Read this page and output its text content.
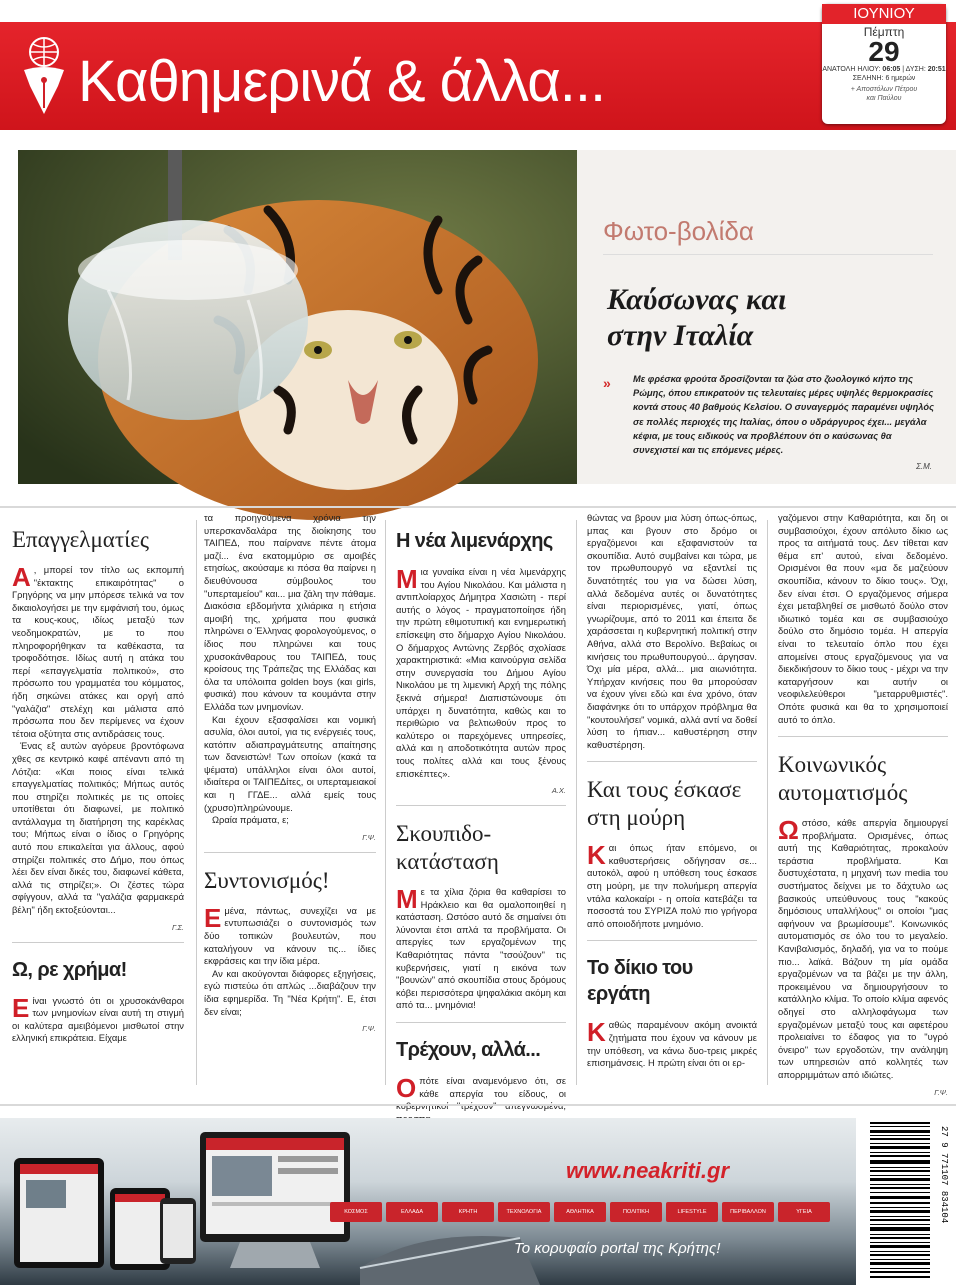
Καθημερινά & άλλα...
ΙΟΥΝΙΟΥ
Πέμπτη
29
ΑΝΑΤΟΛΗ ΗΛΙΟΥ: 06:05 | ΔΥΣΗ: 20:51
ΣΕΛΗΝΗ: 6 ημερών
+ Αποστόλων Πέτρου
και Παύλου
Φωτο-βολίδα
Καύσωνας και
στην Ιταλία
» Με φρέσκα φρούτα δροσίζονται τα ζώα στο ζωολογικό κήπο της Ρώμης, όπου επικρατούν τις τελευταίες μέρες υψηλές θερμοκρασίες κοντά στους 40 βαθμούς Κελσίου. Ο συναγερμός παραμένει υψηλός σε πολλές περιοχές της Ιταλίας, όπου ο υδράργυρος έχει... μεγάλα κέφια, με τους ειδικούς να προβλέπουν ότι ο καύσωνας θα συνεχιστεί και τις επόμενες μέρες.
Σ.Μ.
Επαγγελματίες

Α , μπορεί τον τίτλο ως εκπομπή "έκτακτης επικαιρότητας" ο Γρηγόρης να μην μπόρεσε τελικά να τον δικαιολογήσει με την εμφάνισή του, όμως τα κους-κους, ιδίως μεταξύ των νεοδημοκρατών, με το που πληροφορήθηκαν τα καθέκαστα, τα τροφοδότησε. Ιδίως αυτή η ατάκα του περί «επαγγελματία πολιτικού», στο πρόσωπο του γραμματέα του κόμματος, ήδη σηκώνει ατάκες και οργή από "γαλάζια" στελέχη και μάλιστα από πρόσωπα που δεν περίμενες να έχουν τέτοια οξύτητα στις αντιδράσεις τους.

Ένας εξ αυτών αγόρευε βροντόφωνα χθες σε κεντρικό καφέ απέναντι από τη Λότζια: «Και ποιος είναι τελικά επαγγελματίας πολιτικός; Μήπως αυτός που στηρίζει πολιτικές με τις οποίες υποτίθεται ότι διαφωνεί, με πολιτικό αντάλλαγμα τη διατήρηση της καρέκλας του; Μήπως είναι ο ίδιος ο Γρηγόρης αυτό που επικαλείται για άλλους, αφού στηρίζει πολιτικές στο Δήμο, που όπως λέει δεν είναι δικές του, διαφωνεί κάθετα, αλλά τις στηρίζει;». Οι ζέστες τώρα σφίγγουν, αλλά τα "γαλάζια φαρμακερά βέλη" ήδη εκτοξεύονται...

Γ.Σ.
Ω, ρε χρήμα!

Είναι γνωστό ότι οι χρυσοκάνθαροι των μνημονίων είναι αυτή τη στιγμή οι καλύτερα αμειβόμενοι μισθωτοί στην ελληνική επικράτεια. Είχαμε

τα προηγούμενα χρόνια την υπερσκανδαλάρα της διοίκησης του ΤΑΙΠΕΔ, που παίρνανε πέντε άτομα μαζί... ένα εκατομμύριο σε αμοιβές ετησίως, ακούσαμε κι πόσα θα παίρνει η διευθύνουσα σύμβουλος του "υπερταμείου" και... μια ζάλη την πάθαμε. Διακόσια εβδομήντα χιλιάρικα η ετήσια αμοιβή της, χρήματα που φυσικά πληρώνει ο Έλληνας φορολογούμενος, ο ίδιος που πληρώνει και τους χρυσοκάνθαρους του ΤΑΙΠΕΔ, τους κροίσους της Τράπεζας της Ελλάδας και όλα τα υπόλοιπα golden boys (και girls, φυσικά) που κάνουν τα κουμάντα στην Ελλάδα των μνημονίων.

Και έχουν εξασφαλίσει και νομική ασυλία, όλοι αυτοί, για τις ενέργειές τους, κατόπιν αδιαπραγμάτευτης απαίτησης των δανειστών! Των οποίων (κακά τα ψέματα) υπάλληλοι είναι όλοι αυτοί, ιδιαίτερα οι ΤΑΙΠΕΔίτες, οι υπερταμειακοί και η ΓΓΔΕ... αλλά εμείς τους (χρυσο)πληρώνουμε.

Ωραία πράματα, ε;

Γ.Ψ.
Συντονισμός!

Εμένα, πάντως, συνεχίζει να με εντυπωσιάζει ο συντονισμός των δύο τοπικών βουλευτών, που καταλήγουν να κάνουν τις... ίδιες εκφράσεις και την ίδια μέρα.

Αν και ακούγονται διάφορες εξηγήσεις, εγώ πιστεύω ότι απλώς ...διαβάζουν την ίδια εφημερίδα. Τη "Νέα Κρήτη". Ε, έτσι δεν είναι;

Γ.Ψ.
Η νέα λιμενάρχης

Μια γυναίκα είναι η νέα λιμενάρχης του Αγίου Νικολάου. Και μάλιστα η αντιπλοίαρχος Δήμητρα Χασιώτη - περί αυτής ο λόγος - πραγματοποίησε ήδη την πρώτη εθιμοτυπική και ενημερωτική επίσκεψη στο δήμαρχο Αγίου Νικολάου. Ο δήμαρχος Αντώνης Ζερβός σχολίασε χαρακτηριστικά: «Μια καινούργια σελίδα στην συνεργασία του Δήμου Αγίου Νικολάου με τη λιμενική Αρχή της πόλης ξεκινά σήμερα! Διαπιστώνουμε ότι υπάρχει η δυνατότητα, καθώς και το περιθώριο να βελτιωθούν προς το καλύτερο οι παρεχόμενες υπηρεσίες, αλλά και η αποδοτικότητα αυτών προς τους πολίτες αλλά και τους ξένους επισκέπτες».

Α.Χ.
Σκουπιδο-κατάσταση

Με τα χίλια ζόρια θα καθαρίσει το Ηράκλειο και θα ομαλοποιηθεί η κατάσταση. Ωστόσο αυτό δε σημαίνει ότι λύνονται έτσι απλά τα προβλήματα. Οι απεργίες των εργαζομένων της Καθαριότητας πάντα "τσούζουν" τις κυβερνήσεις, γιατί η εικόνα των "βουνών" από σκουπίδια στους δρόμους κόβει περισσότερα ψηφαλάκια ακόμη και από τα... μνημόνια!

Τρέχουν, αλλά...

Οπότε είναι αναμενόμενο ότι, σε κάθε απεργία του είδους, οι

θώντας να βρουν μια λύση όπως-όπως, μπας και βγουν στο δρόμο οι εργαζόμενοι και εξαφανιστούν τα σκουπίδια. Αυτό συμβαίνει και τώρα, με τον πρωθυπουργό να εξαντλεί τις δυνατότητές του για να δώσει λύση, αλλά δεδομένα αυτές οι δυνατότητες είναι περιορισμένες, γιατί, όπως γνωρίζουμε, από το 2011 και έπειτα δε χαράσσεται η κυβερνητική πολιτική στην Αθήνα, αλλά στο Βερολίνο. Βεβαίως οι κινήσεις του πρωθυπουργού... άργησαν. Όχι μία μέρα, αλλά... μια αιωνιότητα. Υπήρχαν κινήσεις που θα μπορούσαν να έχουν γίνει εδώ και ένα χρόνο, όταν διαφάνηκε ότι το υπάρχον πρόβλημα θα "κουτουλήσει" νομικά, αλλά αντί να δοθεί λύση το ήπιαν... καθυστέρηση στην καθυστέρηση.

Και τους έσκασε στη μούρη

Και όπως ήταν επόμενο, οι καθυστερήσεις οδήγησαν σε... αυτοκόλ, αφού η υπόθεση τους έσκασε στη μούρη, με την πολυήμερη απεργία ντάλα καλοκαίρι - η οποία κατεβάζει τα ποσοστά του ΣΥΡΙΖΑ πολύ πιο γρήγορα από οποιοδήποτε μνημόνιο.

Το δίκιο του εργάτη

Καθώς παραμένουν ακόμη ανοικτά ζητήματα που έχουν να κάνουν με την υπόθεση, να κάνω δυο-τρεις μικρές επισημάνσεις. Η πρώτη είναι ότι οι ερ-

γαζόμενοι στην Καθαριότητα, και δη οι συμβασιούχοι, έχουν απόλυτο δίκιο ως προς τα αιτήματά τους. Δεν τίθεται καν θέμα επ' αυτού, είναι δεδομένο. Ορισμένοι θα πουν «μα δε μαζεύουν σκουπίδια, κάνουν το δίκιο τους». Όχι, δεν είναι έτσι. Ο εργαζόμενος σήμερα έχει μεταβληθεί σε μισθωτό δούλο στον ιδιωτικό τομέα και σε συμβασιούχο δούλο στο δημόσιο τομέα. Η απεργία είναι το τελευταίο όπλο που έχει απομείνει στους εργαζόμενους για να διεκδικήσουν το δίκιο τους - μέχρι να την καταργήσουν και αυτήν οι νεοφιλελεύθεροι "μεταρρυθμιστές". Οπότε φυσικά και θα το χρησιμοποιεί αυτό το όπλο.

Κοινωνικός αυτοματισμός

Ωστόσο, κάθε απεργία δημιουργεί προβλήματα. Ορισμένες, όπως αυτή της Καθαριότητας, προκαλούν τεράστια προβλήματα. Και δυστυχέστατα, η μηχανή των media του συστήματος δείχνει με το δάχτυλο ως βασικούς υπεύθυνους τους "κακούς δημόσιους υπαλλήλους" οι οποίοι "μας αφήνουν να βρωμίσουμε". Κοινωνικός αυτοματισμός σε όλο του το μεγαλείο. Κανιβαλισμός, δηλαδή, για να το πούμε πιο... λαϊκά. Βάζουν τη μία ομάδα εργαζομένων να τα βάζει με την άλλη, προκειμένου να δημιουργήσουν το κατάλληλο κλίμα. Το οποίο κλίμα αφενός οδηγεί στο αλληλοφάγωμα των εργαζομένων μεταξύ τους και αφετέρου προλειαίνει το έδαφος για το "υγρό όνειρο" των εργοδοτών, την ανάληψη των υπηρεσιών από κολλητές των απορριμμάτων από ιδιώτες.

Γ.Ψ.
ΚΟΣΜΟΣ	ΕΛΛΑΔΑ	ΚΡΗΤΗ	ΤΕΧΝΟΛΟΓΙΑ	ΑΘΛΗΤΙΚΑ	ΠΟΛΙΤΙΚΗ	LIFESTYLE	ΠΕΡΙΒΑΛΛΟΝ	ΥΓΕΙΑ
www.neakriti.gr
Το κορυφαίο portal της Κρήτης!
27 9 771107 834104
